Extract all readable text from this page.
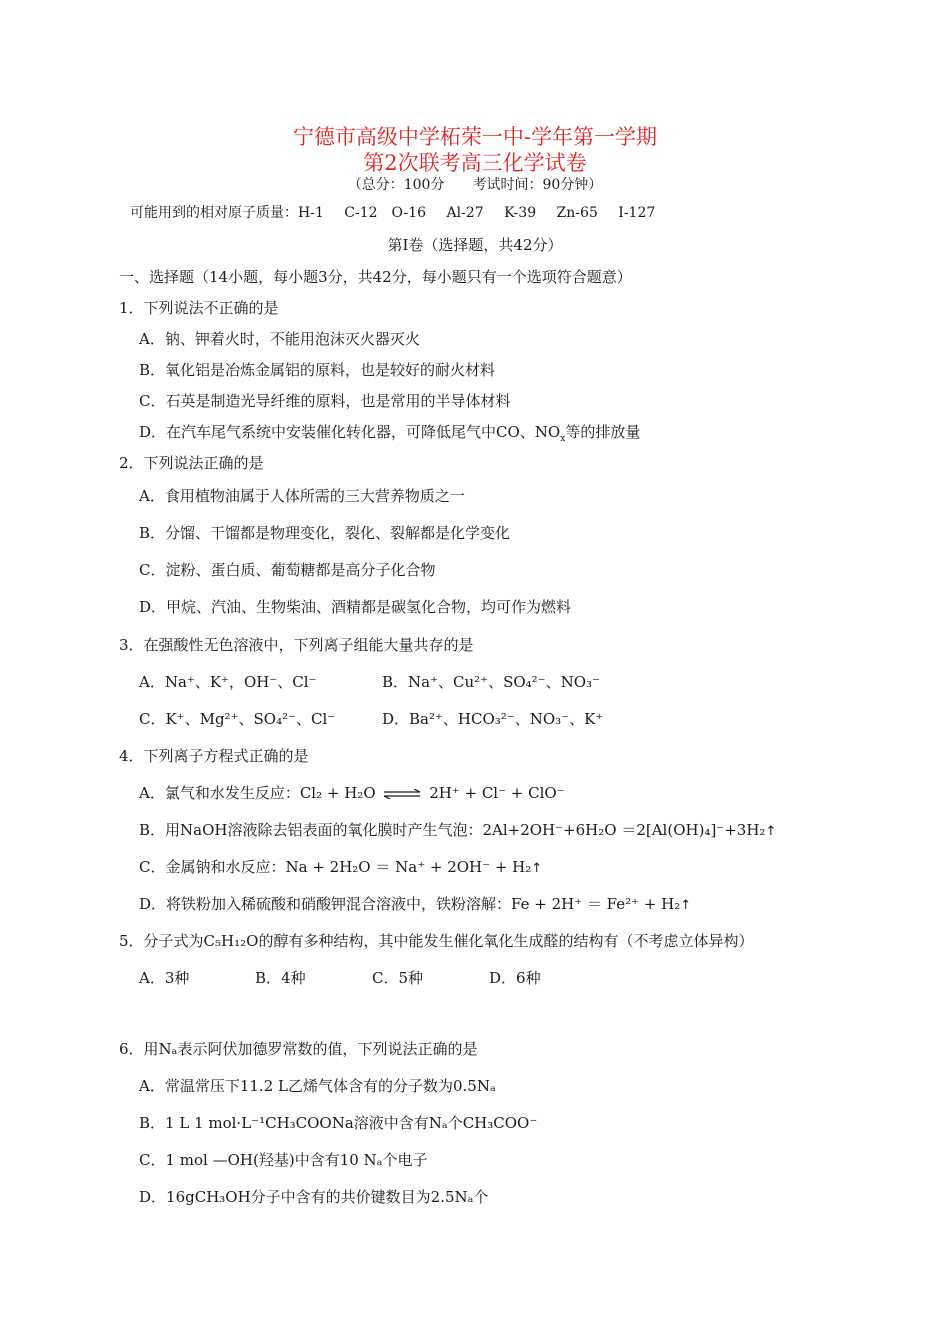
宁德市高级中学柘荣一中-学年第一学期
第2次联考高三化学试卷
（总分：100分　　考试时间：90分钟）
可能用到的相对原子质量：H-1　 C-12　O-16　 Al-27　 K-39　 Zn-65　 I-127
第Ⅰ卷（选择题，共42分）
一、选择题（14小题，每小题3分，共42分，每小题只有一个选项符合题意）
1．下列说法不正确的是
A．钠、钾着火时，不能用泡沫灭火器灭火
B．氧化铝是冶炼金属铝的原料，也是较好的耐火材料
C．石英是制造光导纤维的原料，也是常用的半导体材料
D．在汽车尾气系统中安装催化转化器，可降低尾气中CO、$NO_x$等的排放量
2．下列说法正确的是
A．食用植物油属于人体所需的三大营养物质之一
B．分馏、干馏都是物理变化，裂化、裂解都是化学变化
C．淀粉、蛋白质、葡萄糖都是高分子化合物
D．甲烷、汽油、生物柴油、酒精都是碳氢化合物，均可作为燃料
3．在强酸性无色溶液中，下列离子组能大量共存的是
A．Na⁺、K⁺，OH⁻、Cl⁻	B．Na⁺、Cu²⁺、SO₄²⁻、NO₃⁻
C．K⁺、Mg²⁺、SO₄²⁻、Cl⁻	D．Ba²⁺、HCO₃²⁻、NO₃⁻、K⁺
4．下列离子方程式正确的是
A．氯气和水发生反应：Cl₂ + H₂O ⇌ 2H⁺ + Cl⁻ + ClO⁻
B．用NaOH溶液除去铝表面的氧化膜时产生气泡：2Al+2OH⁻+6H₂O ＝2[Al(OH)₄]⁻+3H₂↑
C．金属钠和水反应：Na + 2H₂O ＝ Na⁺ + 2OH⁻ + H₂↑
D．将铁粉加入稀硫酸和硝酸钾混合溶液中，铁粉溶解：Fe + 2H⁺ ＝ Fe²⁺ + H₂↑
5．分子式为C₅H₁₂O的醇有多种结构，其中能发生催化氧化生成醛的结构有（不考虑立体异构）
A．3种	B．4种	C．5种	D．6种
6．用Nₐ表示阿伏加德罗常数的值，下列说法正确的是
A．常温常压下11.2 L乙烯气体含有的分子数为0.5Nₐ
B．1 L 1 mol·L⁻¹CH₃COONa溶液中含有Nₐ个CH₃COO⁻
C．1 mol —OH(羟基)中含有10 Nₐ个电子
D．16gCH₃OH分子中含有的共价键数目为2.5Nₐ个
